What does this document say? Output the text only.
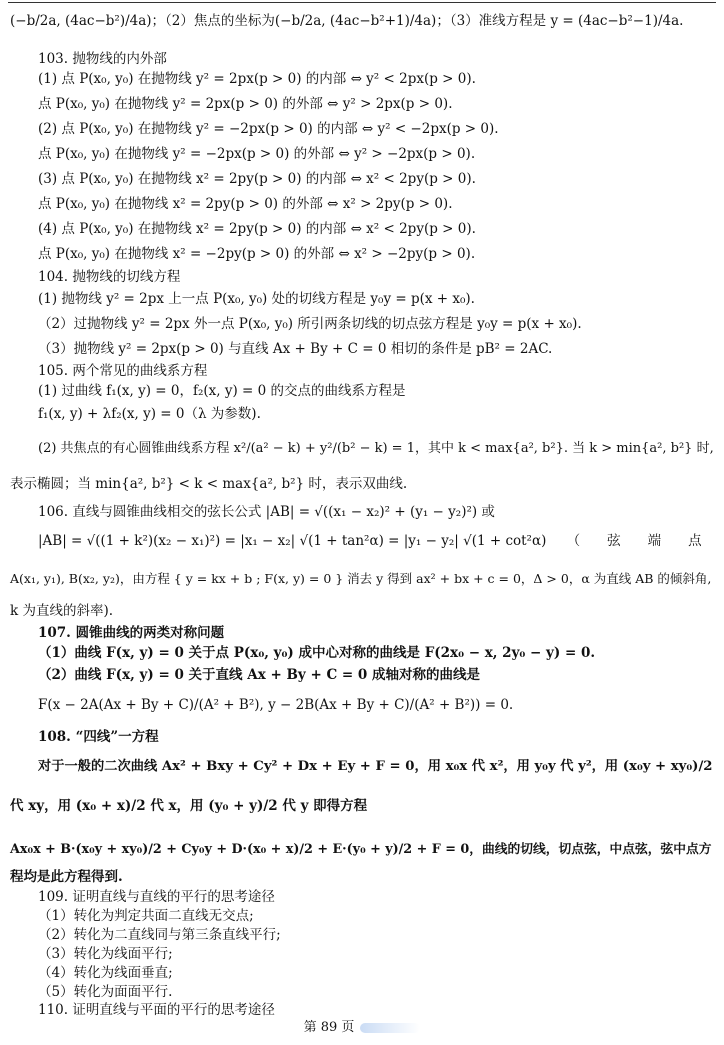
(−b/2a, (4ac−b²)/4a)；（2）焦点的坐标为(−b/2a, (4ac−b²+1)/4a)；（3）准线方程是 y = (4ac−b²−1)/4a.
103. 抛物线的内外部
(1) 点 P(x₀, y₀) 在抛物线 y² = 2px(p > 0) 的内部 ⇔ y² < 2px(p > 0).
点 P(x₀, y₀) 在抛物线 y² = 2px(p > 0) 的外部 ⇔ y² > 2px(p > 0).
(2) 点 P(x₀, y₀) 在抛物线 y² = −2px(p > 0) 的内部 ⇔ y² < −2px(p > 0).
点 P(x₀, y₀) 在抛物线 y² = −2px(p > 0) 的外部 ⇔ y² > −2px(p > 0).
(3) 点 P(x₀, y₀) 在抛物线 x² = 2py(p > 0) 的内部 ⇔ x² < 2py(p > 0).
点 P(x₀, y₀) 在抛物线 x² = 2py(p > 0) 的外部 ⇔ x² > 2py(p > 0).
(4) 点 P(x₀, y₀) 在抛物线 x² = 2py(p > 0) 的内部 ⇔ x² < 2py(p > 0).
点 P(x₀, y₀) 在抛物线 x² = −2py(p > 0) 的外部 ⇔ x² > −2py(p > 0).
104. 抛物线的切线方程
(1) 抛物线 y² = 2px 上一点 P(x₀, y₀) 处的切线方程是 y₀y = p(x + x₀).
（2）过抛物线 y² = 2px 外一点 P(x₀, y₀) 所引两条切线的切点弦方程是 y₀y = p(x + x₀).
（3）抛物线 y² = 2px(p > 0) 与直线 Ax + By + C = 0 相切的条件是 pB² = 2AC.
105. 两个常见的曲线系方程
(1) 过曲线 f₁(x, y) = 0，f₂(x, y) = 0 的交点的曲线系方程是
f₁(x, y) + λf₂(x, y) = 0（λ 为参数).
(2) 共焦点的有心圆锥曲线系方程 x²/(a² − k) + y²/(b² − k) = 1，其中 k < max{a², b²}. 当 k > min{a², b²} 时,
表示椭圆；当 min{a², b²} < k < max{a², b²} 时，表示双曲线.
106. 直线与圆锥曲线相交的弦长公式 |AB| = √((x₁ − x₂)² + (y₁ − y₂)²) 或
|AB| = √((1 + k²)(x₂ − x₁)²) = |x₁ − x₂| √(1 + tan²α) = |y₁ − y₂| √(1 + cot²α)　　（　　弦　　端　　点
A(x₁, y₁), B(x₂, y₂)，由方程 { y = kx + b ; F(x, y) = 0 } 消去 y 得到 ax² + bx + c = 0，Δ > 0，α 为直线 AB 的倾斜角,
k 为直线的斜率).
107. 圆锥曲线的两类对称问题
（1）曲线 F(x, y) = 0 关于点 P(x₀, y₀) 成中心对称的曲线是 F(2x₀ − x, 2y₀ − y) = 0.
（2）曲线 F(x, y) = 0 关于直线 Ax + By + C = 0 成轴对称的曲线是
F(x − 2A(Ax + By + C)/(A² + B²), y − 2B(Ax + By + C)/(A² + B²)) = 0.
108. “四线”一方程
对于一般的二次曲线 Ax² + Bxy + Cy² + Dx + Ey + F = 0，用 x₀x 代 x²，用 y₀y 代 y²，用 (x₀y + xy₀)/2
代 xy，用 (x₀ + x)/2 代 x，用 (y₀ + y)/2 代 y 即得方程
Ax₀x + B·(x₀y + xy₀)/2 + Cy₀y + D·(x₀ + x)/2 + E·(y₀ + y)/2 + F = 0，曲线的切线，切点弦，中点弦，弦中点方
程均是此方程得到.
109. 证明直线与直线的平行的思考途径
（1）转化为判定共面二直线无交点;
（2）转化为二直线同与第三条直线平行;
（3）转化为线面平行;
（4）转化为线面垂直;
（5）转化为面面平行.
110. 证明直线与平面的平行的思考途径
第 89 页
